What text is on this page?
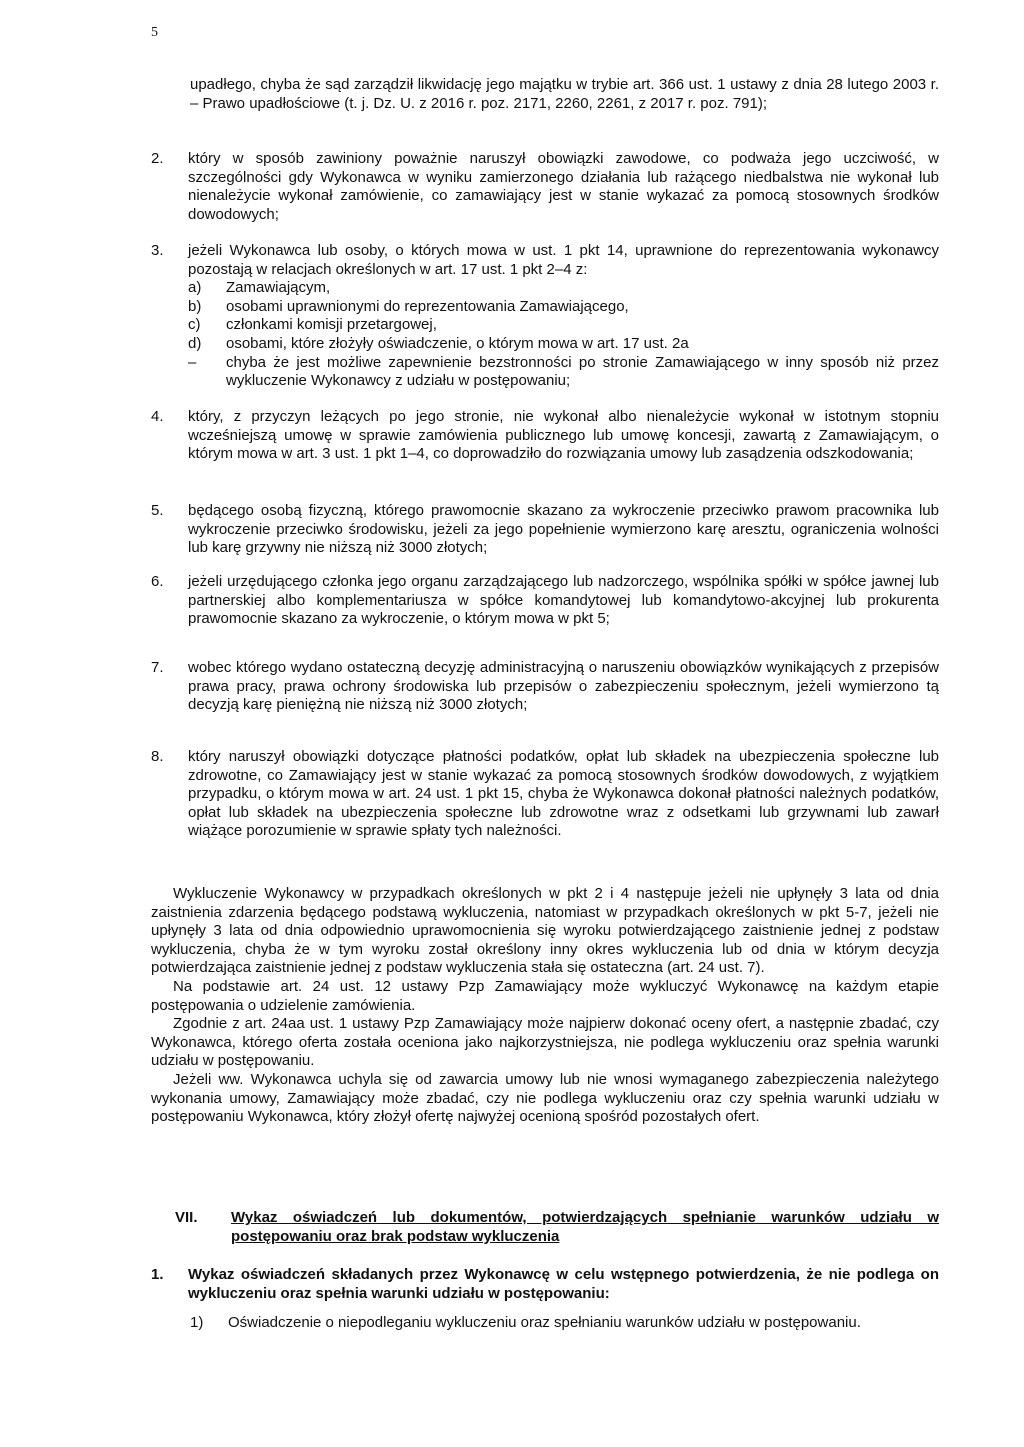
5
upadłego, chyba że sąd zarządził likwidację jego majątku w trybie art. 366 ust. 1 ustawy z dnia 28 lutego 2003 r. – Prawo upadłościowe (t. j. Dz. U. z 2016 r. poz. 2171, 2260, 2261, z 2017 r. poz. 791);
2.	który w sposób zawiniony poważnie naruszył obowiązki zawodowe, co podważa jego uczciwość, w szczególności gdy Wykonawca w wyniku zamierzonego działania lub rażącego niedbalstwa nie wykonał lub nienależycie wykonał zamówienie, co zamawiający jest w stanie wykazać za pomocą stosownych środków dowodowych;
3.	jeżeli Wykonawca lub osoby, o których mowa w ust. 1 pkt 14, uprawnione do reprezentowania wykonawcy pozostają w relacjach określonych w art. 17 ust. 1 pkt 2–4 z:
a)	Zamawiającym,
b)	osobami uprawnionymi do reprezentowania Zamawiającego,
c)	członkami komisji przetargowej,
d)	osobami, które złożyły oświadczenie, o którym mowa w art. 17 ust. 2a
–	chyba że jest możliwe zapewnienie bezstronności po stronie Zamawiającego w inny sposób niż przez wykluczenie Wykonawcy z udziału w postępowaniu;
4.	który, z przyczyn leżących po jego stronie, nie wykonał albo nienależycie wykonał w istotnym stopniu wcześniejszą umowę w sprawie zamówienia publicznego lub umowę koncesji, zawartą z Zamawiającym, o którym mowa w art. 3 ust. 1 pkt 1–4, co doprowadziło do rozwiązania umowy lub zasądzenia odszkodowania;
5.	będącego osobą fizyczną, którego prawomocnie skazano za wykroczenie przeciwko prawom pracownika lub wykroczenie przeciwko środowisku, jeżeli za jego popełnienie wymierzono karę aresztu, ograniczenia wolności lub karę grzywny nie niższą niż 3000 złotych;
6.	jeżeli urzędującego członka jego organu zarządzającego lub nadzorczego, wspólnika spółki w spółce jawnej lub partnerskiej albo komplementariusza w spółce komandytowej lub komandytowo-akcyjnej lub prokurenta prawomocnie skazano za wykroczenie, o którym mowa w pkt 5;
7.	wobec którego wydano ostateczną decyzję administracyjną o naruszeniu obowiązków wynikających z przepisów prawa pracy, prawa ochrony środowiska lub przepisów o zabezpieczeniu społecznym, jeżeli wymierzono tą decyzją karę pieniężną nie niższą niż 3000 złotych;
8.	który naruszył obowiązki dotyczące płatności podatków, opłat lub składek na ubezpieczenia społeczne lub zdrowotne, co Zamawiający jest w stanie wykazać za pomocą stosownych środków dowodowych, z wyjątkiem przypadku, o którym mowa w art. 24 ust. 1 pkt 15, chyba że Wykonawca dokonał płatności należnych podatków, opłat lub składek na ubezpieczenia społeczne lub zdrowotne wraz z odsetkami lub grzywnami lub zawarł wiążące porozumienie w sprawie spłaty tych należności.

Wykluczenie Wykonawcy w przypadkach określonych w pkt 2 i 4 następuje jeżeli nie upłynęły 3 lata od dnia zaistnienia zdarzenia będącego podstawą wykluczenia, natomiast w przypadkach określonych w pkt 5-7, jeżeli nie upłynęły 3 lata od dnia odpowiednio uprawomocnienia się wyroku potwierdzającego zaistnienie jednej z podstaw wykluczenia, chyba że w tym wyroku został określony inny okres wykluczenia lub od dnia w którym decyzja potwierdzająca zaistnienie jednej z podstaw wykluczenia stała się ostateczna (art. 24 ust. 7).

Na podstawie art. 24 ust. 12 ustawy Pzp Zamawiający może wykluczyć Wykonawcę na każdym etapie postępowania o udzielenie zamówienia.

Zgodnie z art. 24aa ust. 1 ustawy Pzp Zamawiający może najpierw dokonać oceny ofert, a następnie zbadać, czy Wykonawca, którego oferta została oceniona jako najkorzystniejsza, nie podlega wykluczeniu oraz spełnia warunki udziału w postępowaniu.

Jeżeli ww. Wykonawca uchyla się od zawarcia umowy lub nie wnosi wymaganego zabezpieczenia należytego wykonania umowy, Zamawiający może zbadać, czy nie podlega wykluczeniu oraz czy spełnia warunki udziału w postępowaniu Wykonawca, który złożył ofertę najwyżej ocenioną spośród pozostałych ofert.

VII.	Wykaz oświadczeń lub dokumentów, potwierdzających spełnianie warunków udziału w postępowaniu oraz brak podstaw wykluczenia
1.	Wykaz oświadczeń składanych przez Wykonawcę w celu wstępnego potwierdzenia, że nie podlega on wykluczeniu oraz spełnia warunki udziału w postępowaniu:
1)	Oświadczenie o niepodleganiu wykluczeniu oraz spełnianiu warunków udziału w postępowaniu.
